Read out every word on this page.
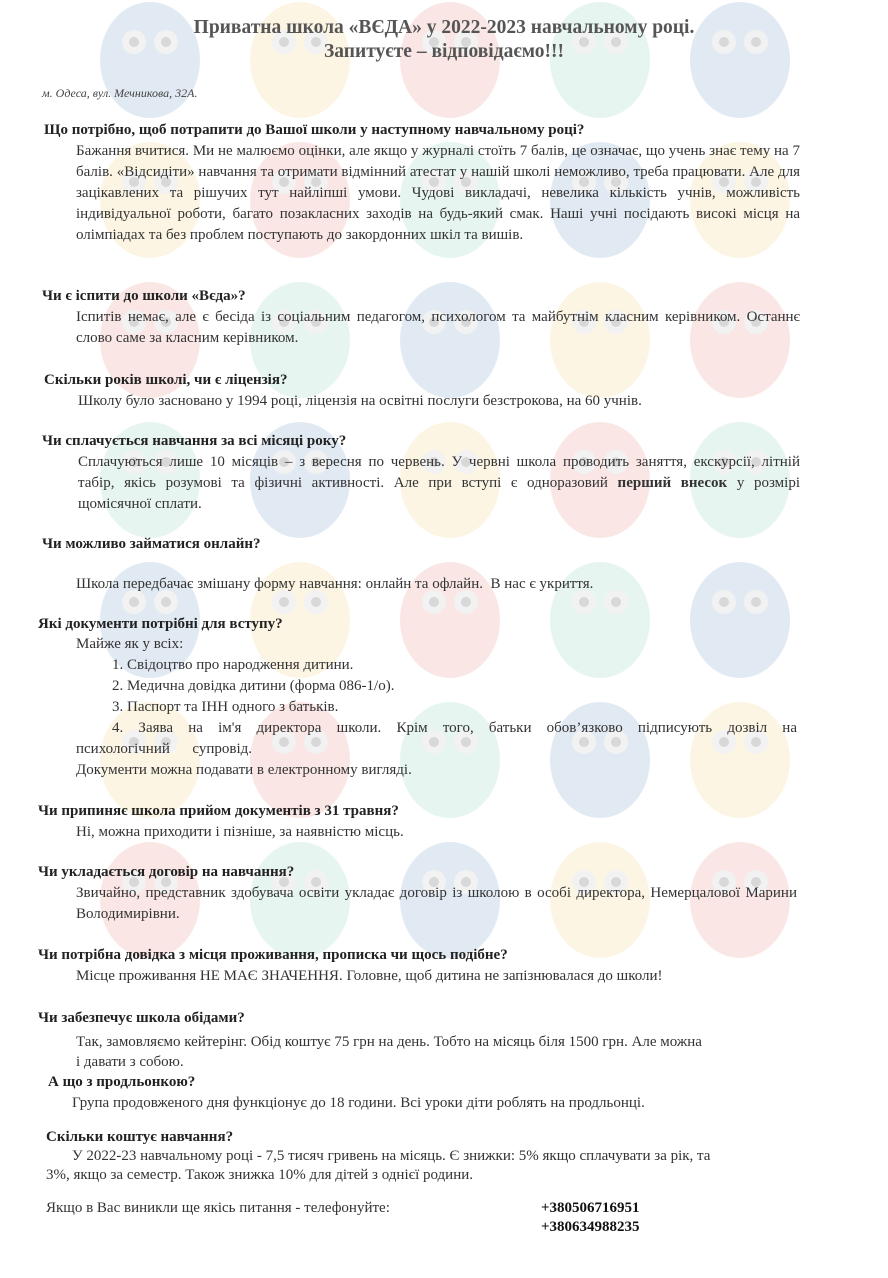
Приватна школа «ВЄДА» у 2022-2023 навчальному році.
Запитуєте – відповідаємо!!!
м. Одеса, вул. Мечникова, 32А.
Що потрібно, щоб потрапити до Вашої школи у наступному навчальному році?
Бажання вчитися. Ми не малюємо оцінки, але якщо у журналі стоїть 7 балів, це означає, що учень знає тему на 7 балів. «Відсидіти» навчання та отримати відмінний атестат у нашій школі неможливо, треба працювати. Але для зацікавлених та рішучих тут найліпші умови. Чудові викладачі, невелика кількість учнів, можливість індивідуальної роботи, багато позакласних заходів на будь-який смак. Наші учні посідають високі місця на олімпіадах та без проблем поступають до закордонних шкіл та вишів.
Чи є іспити до школи «Вєда»?
Іспитів немає, але є бесіда із соціальним педагогом, психологом та майбутнім класним керівником. Останнє    слово саме за класним керівником.
Скільки років школі, чи є ліцензія?
Школу було засновано у 1994 році, ліцензія на освітні послуги безстрокова, на 60 учнів.
Чи сплачується навчання за всі місяці року?
Сплачуються лише 10 місяців – з вересня по червень. У червні школа проводить заняття, екскурсії, літній   табір, якісь розумові та фізичні активності. Але при вступі є одноразовий перший внесок у розмірі    щомісячної сплати.
Чи можливо займатися онлайн?
Школа передбачає змішану форму навчання: онлайн та офлайн. В нас є укриття.
Які документи потрібні для вступу?
Майже як у всіх:
1. Свідоцтво про народження дитини.
2. Медична довідка дитини (форма 086-1/о).
3. Паспорт та ІНН одного з батьків.
4. Заява на ім'я директора школи. Крім того, батьки обов’язково підписують дозвіл на
психологічний      супровід.
Документи можна подавати в електронному вигляді.
Чи припиняє школа прийом документів з 31 травня?
Ні, можна приходити і пізніше, за наявністю місць.
Чи укладається договір на навчання?
Звичайно, представник здобувача освіти укладає договір із школою в особі директора, Немерцалової Марини Володимирівни.
Чи потрібна довідка з місця проживання, прописка чи щось подібне?
Місце проживання НЕ МАЄ ЗНАЧЕННЯ. Головне, щоб дитина не запізнювалася до школи!
Чи забезпечує школа обідами?
Так, замовляємо кейтерінг. Обід коштує 75 грн на день. Тобто на місяць біля 1500 грн. Але можна
і давати з собою.
А що з продльонкою?
Група продовженого дня функціонує до 18 години. Всі уроки діти роблять на продльонці.
Скільки коштує навчання?
У 2022-23 навчальному році - 7,5 тисяч гривень на місяць. Є знижки: 5% якщо сплачувати за рік, та
3%, якщо за семестр. Також знижка 10% для дітей з однієї родини.
Якщо в Вас виникли ще якісь питання - телефонуйте:	+380506716951
+380634988235
